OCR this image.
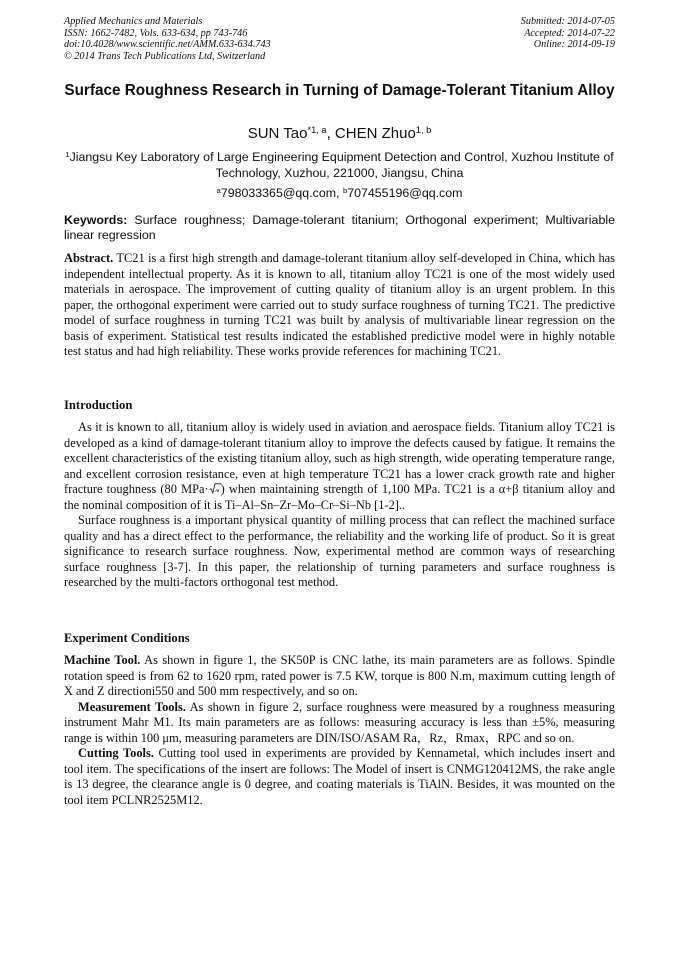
Applied Mechanics and Materials
ISSN: 1662-7482, Vols. 633-634, pp 743-746
doi:10.4028/www.scientific.net/AMM.633-634.743
© 2014 Trans Tech Publications Ltd, Switzerland
Submitted: 2014-07-05
Accepted: 2014-07-22
Online: 2014-09-19
Surface Roughness Research in Turning of Damage-Tolerant Titanium Alloy
SUN Tao$^{*1, a}$, CHEN Zhuo$^{1, b}$
$^1$Jiangsu Key Laboratory of Large Engineering Equipment Detection and Control, Xuzhou Institute of Technology, Xuzhou, 221000, Jiangsu, China
$^a$798033365@qq.com, $^b$707455196@qq.com
Keywords: Surface roughness; Damage-tolerant titanium; Orthogonal experiment; Multivariable linear regression

Abstract. TC21 is a first high strength and damage-tolerant titanium alloy self-developed in China, which has independent intellectual property. As it is known to all, titanium alloy TC21 is one of the most widely used materials in aerospace. The improvement of cutting quality of titanium alloy is an urgent problem. In this paper, the orthogonal experiment were carried out to study surface roughness of turning TC21. The predictive model of surface roughness in turning TC21 was built by analysis of multivariable linear regression on the basis of experiment. Statistical test results indicated the established predictive model were in highly notable test status and had high reliability. These works provide references for machining TC21.

Introduction

As it is known to all, titanium alloy is widely used in aviation and aerospace fields. Titanium alloy TC21 is developed as a kind of damage-tolerant titanium alloy to improve the defects caused by fatigue. It remains the excellent characteristics of the existing titanium alloy, such as high strength, wide operating temperature range, and excellent corrosion resistance, even at high temperature TC21 has a lower crack growth rate and higher fracture toughness (80 MPa· m ) when maintaining strength of 1,100 MPa. TC21 is a α+β titanium alloy and the nominal composition of it is Ti–Al–Sn–Zr–Mo–Cr–Si–Nb [1-2]..

Surface roughness is a important physical quantity of milling process that can reflect the machined surface quality and has a direct effect to the performance, the reliability and the working life of product. So it is great significance to research surface roughness. Now, experimental method are common ways of researching surface roughness [3-7]. In this paper, the relationship of turning parameters and surface roughness is researched by the multi-factors orthogonal test method.

Experiment Conditions

Machine Tool. As shown in figure 1, the SK50P is CNC lathe, its main parameters are as follows. Spindle rotation speed is from 62 to 1620 rpm, rated power is 7.5 KW, torque is 800 N.m, maximum cutting length of X and Z directioni550 and 500 mm respectively, and so on.

Measurement Tools. As shown in figure 2, surface roughness were measured by a roughness measuring instrument Mahr M1. Its main parameters are as follows: measuring accuracy is less than ±5%, measuring range is within 100 μm, measuring parameters are DIN/ISO/ASAM Ra，Rz，Rmax，RPC and so on.

Cutting Tools. Cutting tool used in experiments are provided by Kennametal, which includes insert and tool item. The specifications of the insert are follows: The Model of insert is CNMG120412MS, the rake angle is 13 degree, the clearance angle is 0 degree, and coating materials is TiAlN. Besides, it was mounted on the tool item PCLNR2525M12.
